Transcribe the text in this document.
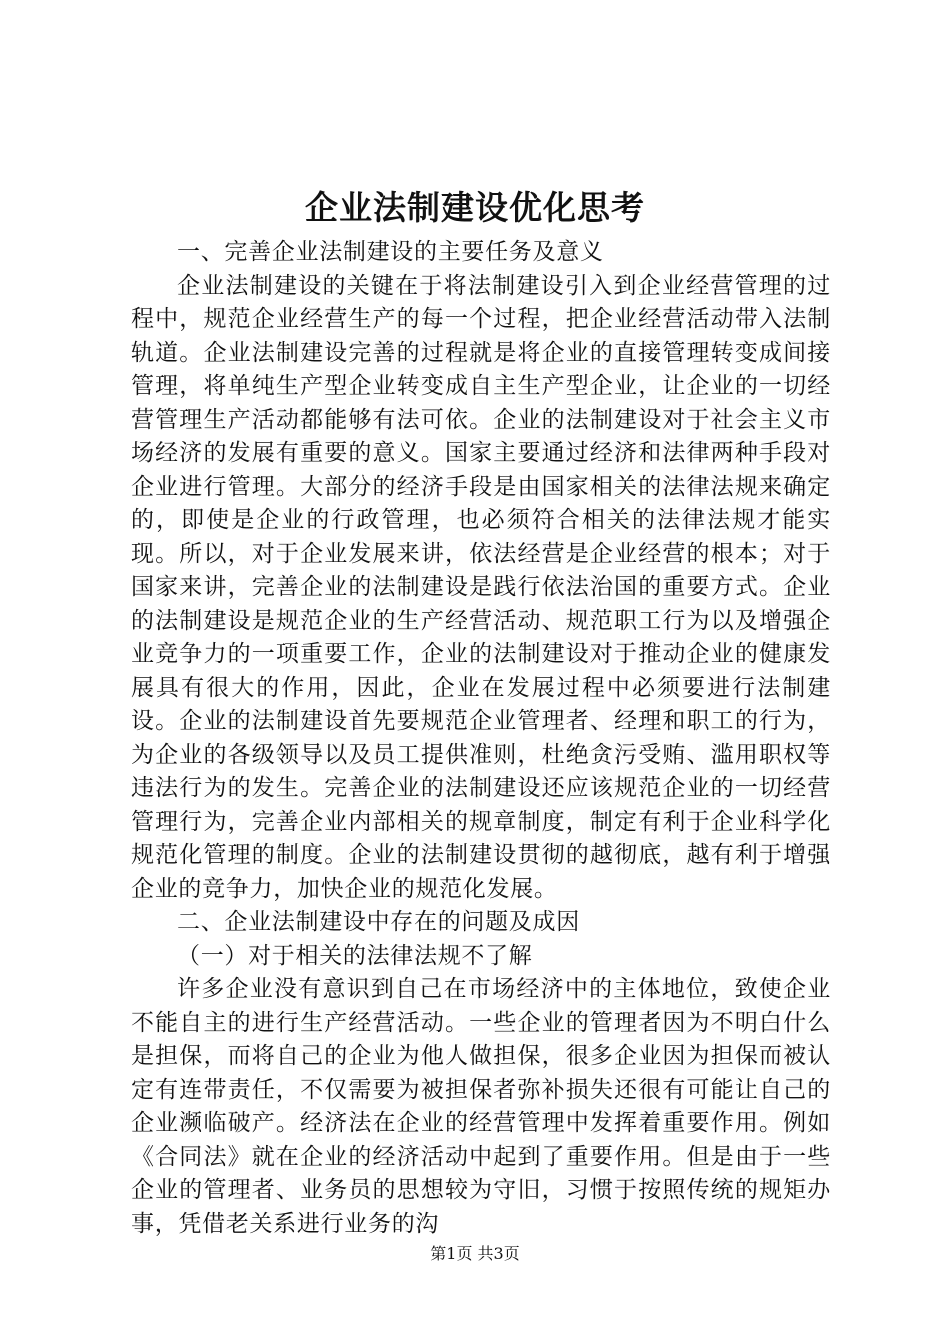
企业法制建设优化思考

一、完善企业法制建设的主要任务及意义

企业法制建设的关键在于将法制建设引入到企业经营管理的过程中，规范企业经营生产的每一个过程，把企业经营活动带入法制轨道。企业法制建设完善的过程就是将企业的直接管理转变成间接管理，将单纯生产型企业转变成自主生产型企业，让企业的一切经营管理生产活动都能够有法可依。企业的法制建设对于社会主义市场经济的发展有重要的意义。国家主要通过经济和法律两种手段对企业进行管理。大部分的经济手段是由国家相关的法律法规来确定的，即使是企业的行政管理，也必须符合相关的法律法规才能实现。所以，对于企业发展来讲，依法经营是企业经营的根本；对于国家来讲，完善企业的法制建设是践行依法治国的重要方式。企业的法制建设是规范企业的生产经营活动、规范职工行为以及增强企业竞争力的一项重要工作，企业的法制建设对于推动企业的健康发展具有很大的作用，因此，企业在发展过程中必须要进行法制建设。企业的法制建设首先要规范企业管理者、经理和职工的行为，为企业的各级领导以及员工提供准则，杜绝贪污受贿、滥用职权等违法行为的发生。完善企业的法制建设还应该规范企业的一切经营管理行为，完善企业内部相关的规章制度，制定有利于企业科学化规范化管理的制度。企业的法制建设贯彻的越彻底，越有利于增强企业的竞争力，加快企业的规范化发展。

二、企业法制建设中存在的问题及成因

（一）对于相关的法律法规不了解

许多企业没有意识到自己在市场经济中的主体地位，致使企业不能自主的进行生产经营活动。一些企业的管理者因为不明白什么是担保，而将自己的企业为他人做担保，很多企业因为担保而被认定有连带责任，不仅需要为被担保者弥补损失还很有可能让自己的企业濒临破产。经济法在企业的经营管理中发挥着重要作用。例如《合同法》就在企业的经济活动中起到了重要作用。但是由于一些企业的管理者、业务员的思想较为守旧，习惯于按照传统的规矩办事，凭借老关系进行业务的沟

第1页 共3页
